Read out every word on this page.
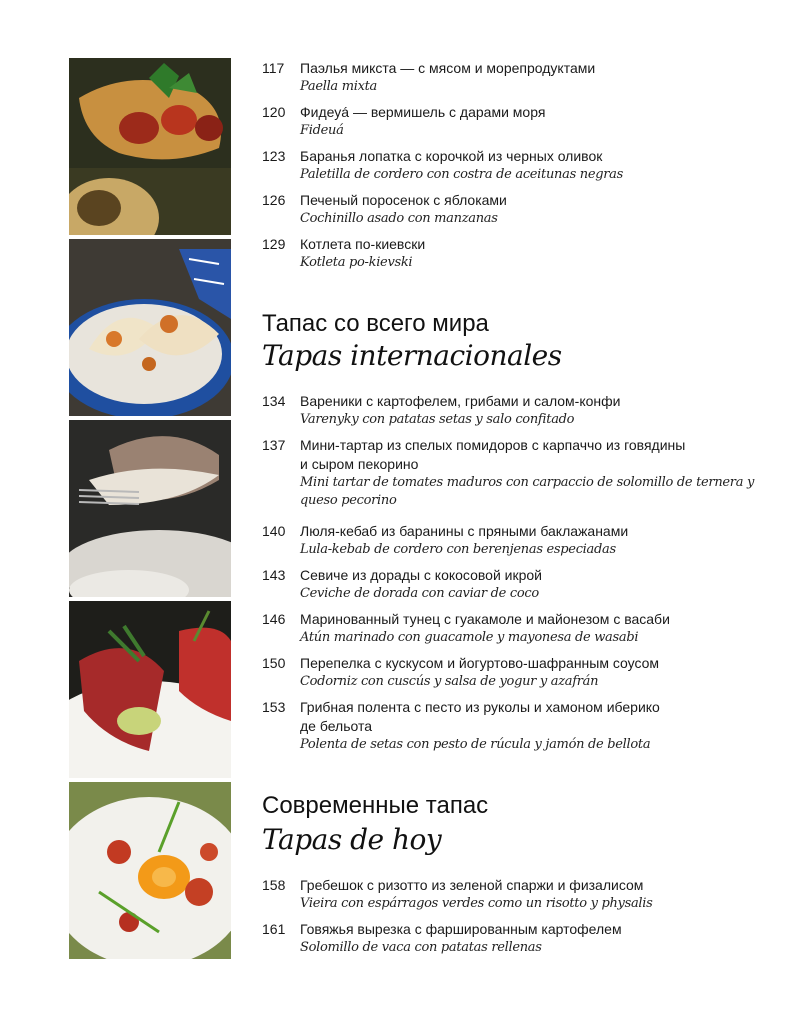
117	Паэлья микста — с мясом и морепродуктами
Paella mixta
120	Фидеуá — вермишель с дарами моря
Fideuá
123	Баранья лопатка с корочкой из черных оливок
Paletilla de cordero con costra de aceitunas negras
126	Печеный поросенок с яблоками
Cochinillo asado con manzanas
129	Котлета по-киевски
Kotleta po-kievski
Тапас со всего мира
Tapas internacionales
134	Вареники с картофелем, грибами и салом-конфи
Varenyky con patatas setas y salo confitado
137	Мини-тартар из спелых помидоров с карпаччо из говядины
и сыром пекорино
Mini tartar de tomates maduros con carpaccio de solomillo de ternera y
queso pecorino
140	Люля-кебаб из баранины с пряными баклажанами
Lula-kebab de cordero con berenjenas especiadas
143	Севиче из дорады с кокосовой икрой
Ceviche de dorada con caviar de coco
146	Маринованный тунец с гуакамоле и майонезом с васаби
Atún marinado con guacamole y mayonesa de wasabi
150	Перепелка с кускусом и йогуртово-шафранным соусом
Codorniz con cuscús y salsa de yogur y azafrán
153	Грибная полента с песто из руколы и хамоном иберико
де бельота
Polenta de setas con pesto de rúcula y jamón de bellota
Современные тапас
Tapas de hoy
158	Гребешок с ризотто из зеленой спаржи и физалисом
Vieira con espárragos verdes como un risotto y physalis
161	Говяжья вырезка с фаршированным картофелем
Solomillo de vaca con patatas rellenas
